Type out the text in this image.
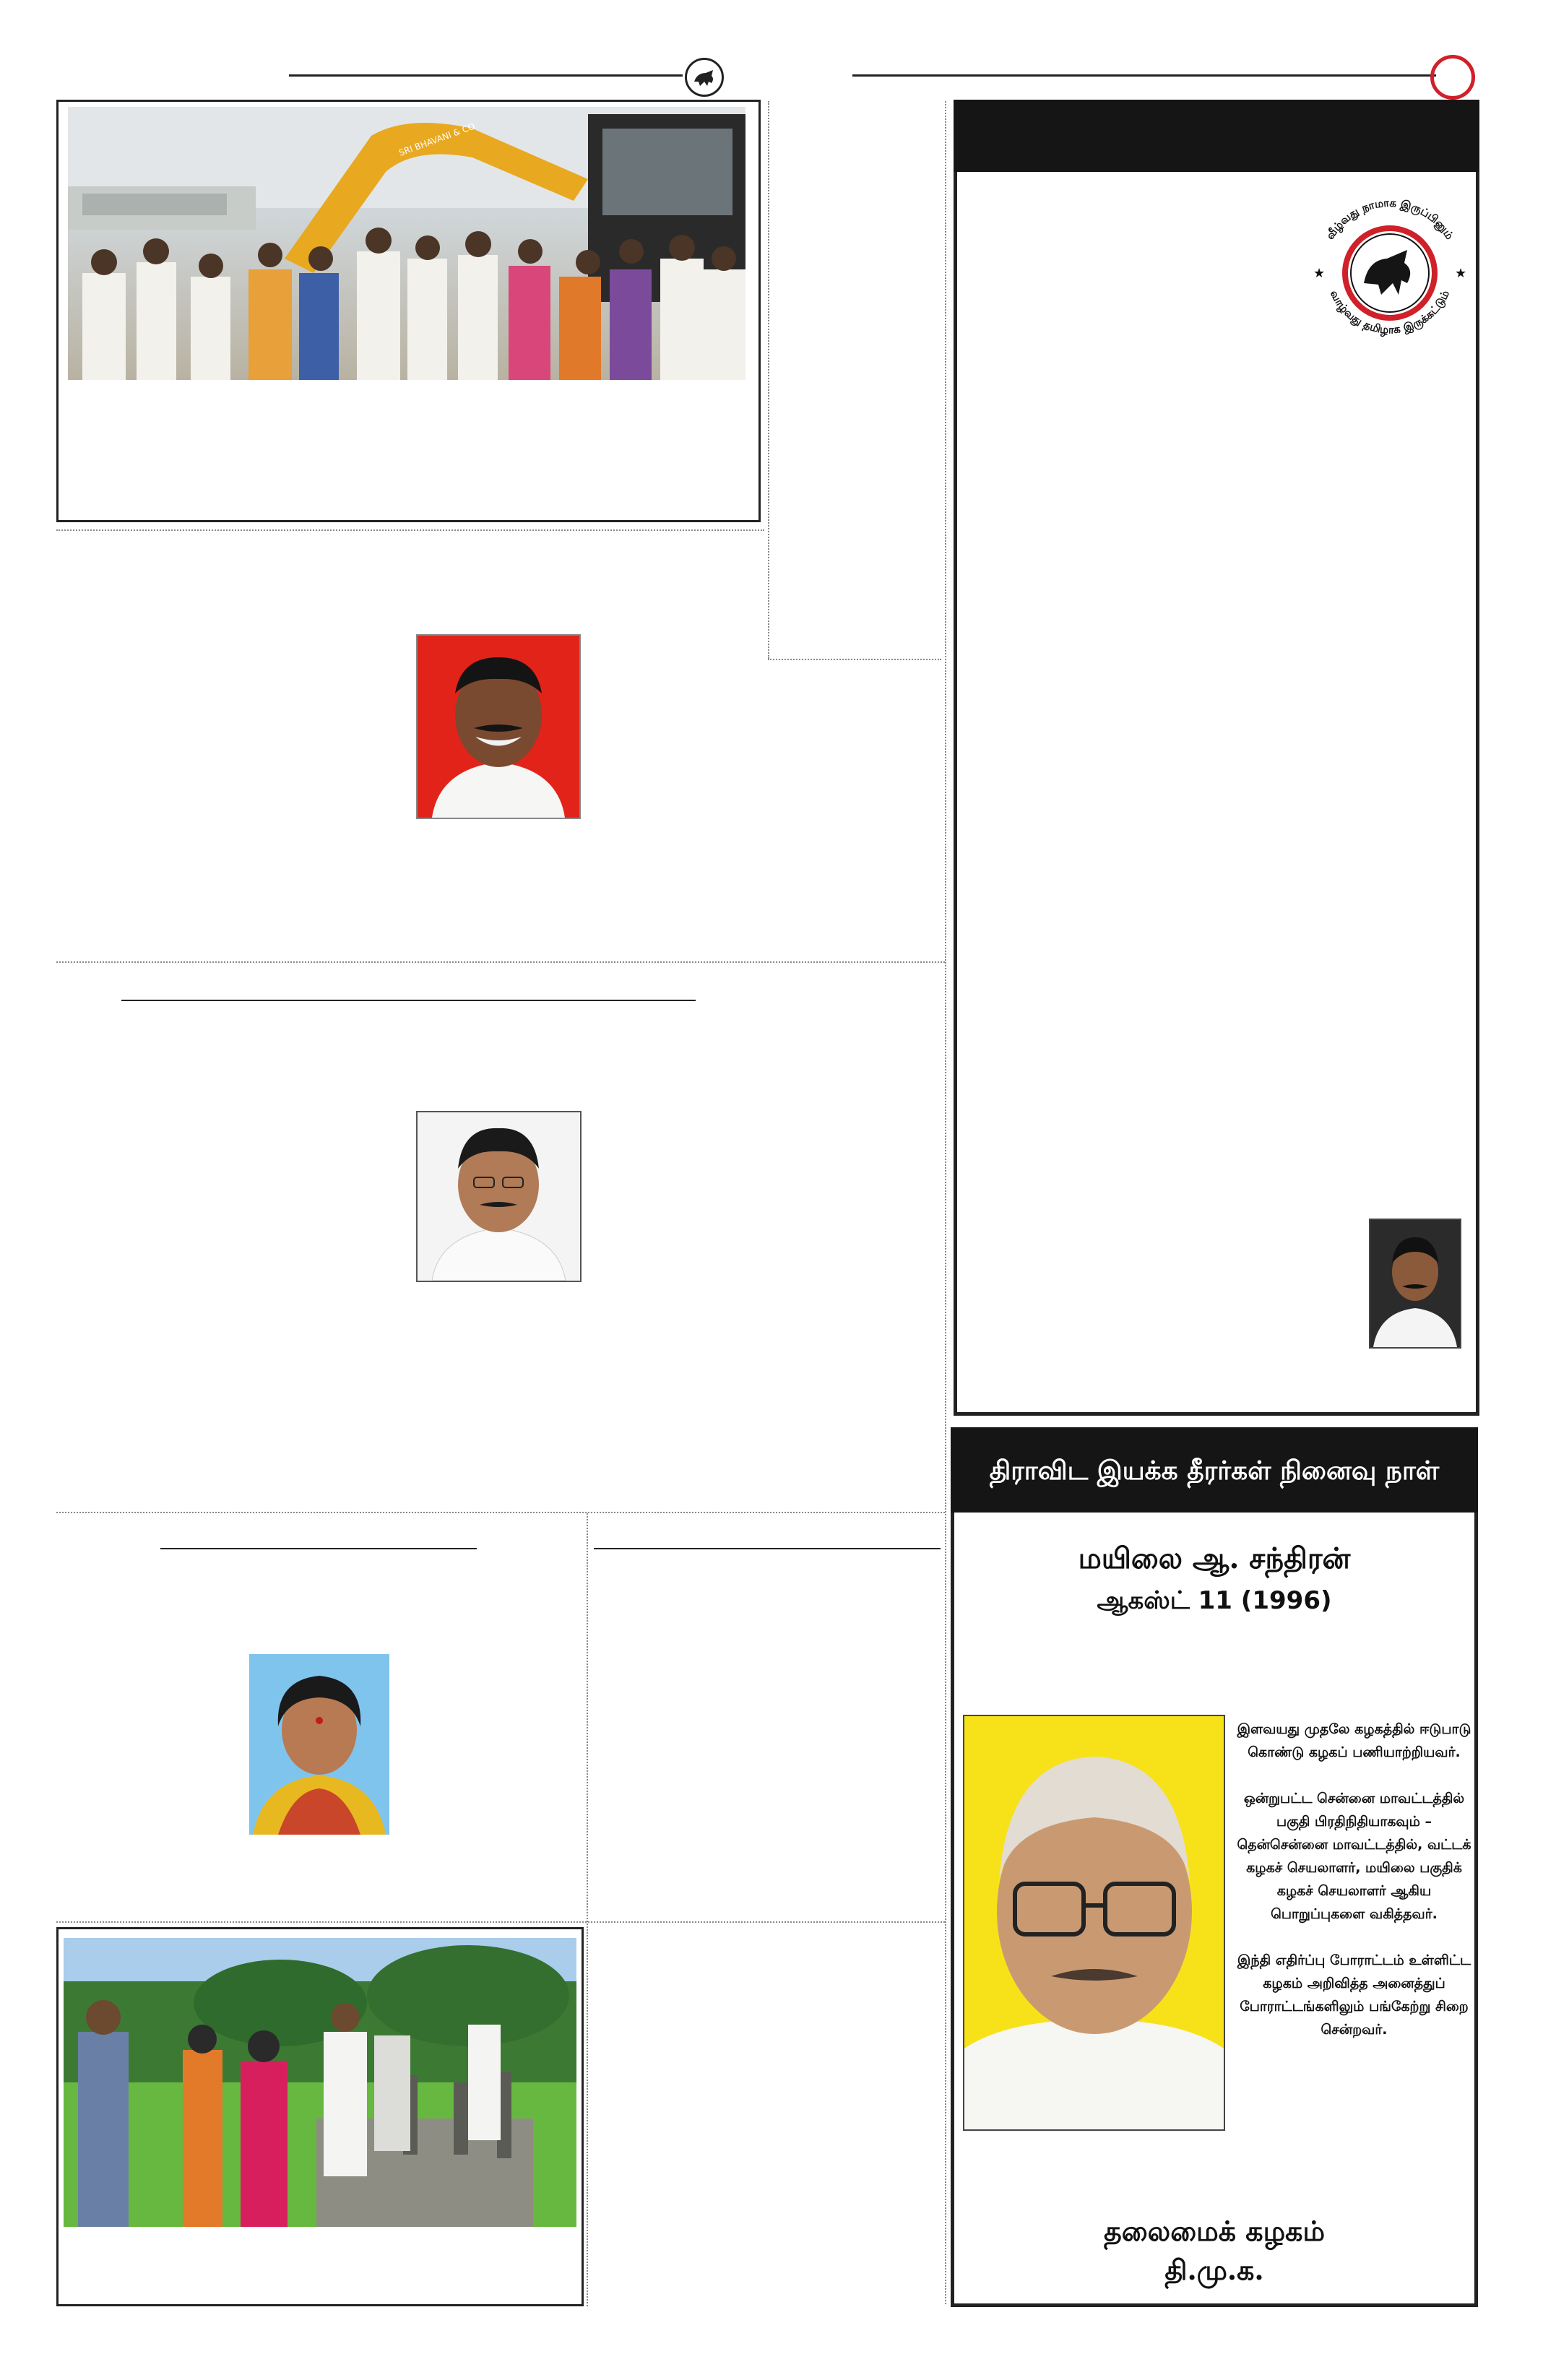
SRI BHAVANI & CO
வீழ்வது நாமாக இருப்பினும்
வாழ்வது தமிழாக இருக்கட்டும்
★	★
திராவிட இயக்க தீரர்கள் நினைவு நாள்
மயிலை ஆ. சந்திரன்
ஆகஸ்ட் 11 (1996)

இளவயது முதலே கழகத்தில் ஈடுபாடு கொண்டு கழகப் பணியாற்றியவர்.

ஒன்றுபட்ட சென்னை மாவட்டத்தில் பகுதி பிரதிநிதியாகவும் – தென்சென்னை மாவட்டத்தில், வட்டக் கழகச் செயலாளர், மயிலை பகுதிக் கழகச் செயலாளர் ஆகிய பொறுப்புகளை வகித்தவர்.

இந்தி எதிர்ப்பு போராட்டம் உள்ளிட்ட கழகம் அறிவித்த அனைத்துப் போராட்டங்களிலும் பங்கேற்று சிறை சென்றவர்.

தலைமைக் கழகம்
தி.மு.க.
